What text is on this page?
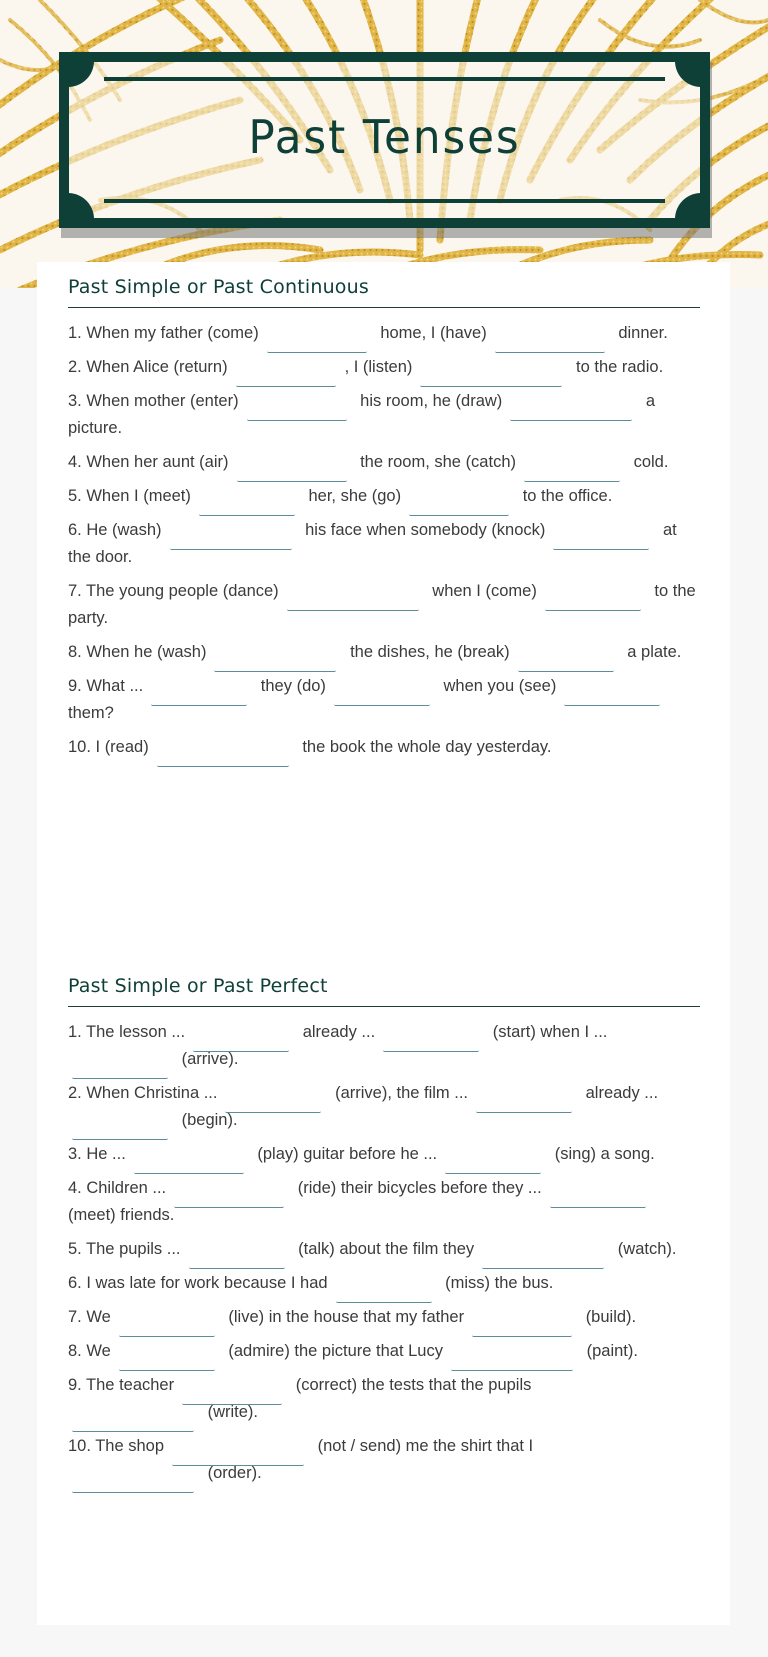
Past Tenses
Past Simple or Past Continuous
1. When my father (come)	home, I (have)	dinner.
2. When Alice (return)	, I (listen)	to the radio.
3. When mother (enter)	his room, he (draw)	a picture.
4. When her aunt (air)	the room, she (catch)	cold.
5. When I (meet)	her, she (go)	to the office.
6. He (wash)	his face when somebody (knock)	at the door.
7. The young people (dance)	when I (come)	to the party.
8. When he (wash)	the dishes, he (break)	a plate.
9. What ...	they (do)	when you (see) them?
10. I (read)	the book the whole day yesterday.
Past Simple or Past Perfect
1. The lesson ...	already ...	(start) when I ...
(arrive).
2. When Christina ...	(arrive), the film ...	already ...
(begin).
3. He ...	(play) guitar before he ...	(sing) a song.
4. Children ...	(ride) their bicycles before they ... (meet) friends.
5. The pupils ...	(talk) about the film they	(watch).
6. I was late for work because I had	(miss) the bus.
7. We	(live) in the house that my father	(build).
8. We	(admire) the picture that Lucy	(paint).
9. The teacher	(correct) the tests that the pupils
(write).
10. The shop	(not / send) me the shirt that I
(order).
